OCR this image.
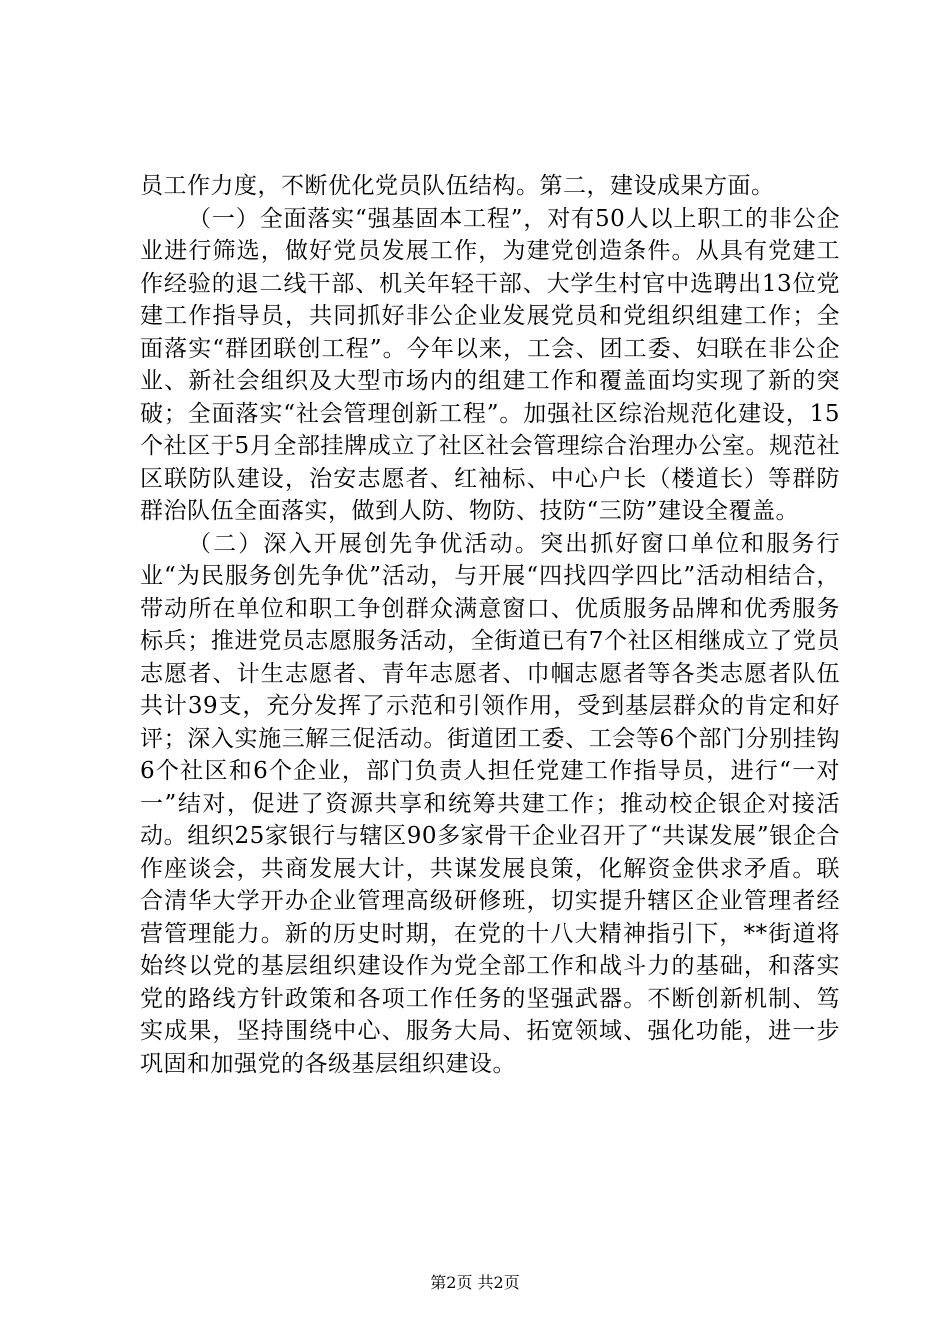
员工作力度，不断优化党员队伍结构。第二，建设成果方面。

（一）全面落实“强基固本工程”，对有50人以上职工的非公企业进行筛选，做好党员发展工作，为建党创造条件。从具有党建工作经验的退二线干部、机关年轻干部、大学生村官中选聘出13位党建工作指导员，共同抓好非公企业发展党员和党组织组建工作；全面落实“群团联创工程”。今年以来，工会、团工委、妇联在非公企业、新社会组织及大型市场内的组建工作和覆盖面均实现了新的突破；全面落实“社会管理创新工程”。加强社区综治规范化建设，15个社区于5月全部挂牌成立了社区社会管理综合治理办公室。规范社区联防队建设，治安志愿者、红袖标、中心户长（楼道长）等群防群治队伍全面落实，做到人防、物防、技防“三防”建设全覆盖。

（二）深入开展创先争优活动。突出抓好窗口单位和服务行业“为民服务创先争优”活动，与开展“四找四学四比”活动相结合，带动所在单位和职工争创群众满意窗口、优质服务品牌和优秀服务标兵；推进党员志愿服务活动，全街道已有7个社区相继成立了党员志愿者、计生志愿者、青年志愿者、巾帼志愿者等各类志愿者队伍共计39支，充分发挥了示范和引领作用，受到基层群众的肯定和好评；深入实施三解三促活动。街道团工委、工会等6个部门分别挂钩6个社区和6个企业，部门负责人担任党建工作指导员，进行“一对一”结对，促进了资源共享和统筹共建工作；推动校企银企对接活动。组织25家银行与辖区90多家骨干企业召开了“共谋发展”银企合作座谈会，共商发展大计，共谋发展良策，化解资金供求矛盾。联合清华大学开办企业管理高级研修班，切实提升辖区企业管理者经营管理能力。新的历史时期，在党的十八大精神指引下，**街道将始终以党的基层组织建设作为党全部工作和战斗力的基础，和落实党的路线方针政策和各项工作任务的坚强武器。不断创新机制、笃实成果，坚持围绕中心、服务大局、拓宽领域、强化功能，进一步巩固和加强党的各级基层组织建设。

第2页 共2页
